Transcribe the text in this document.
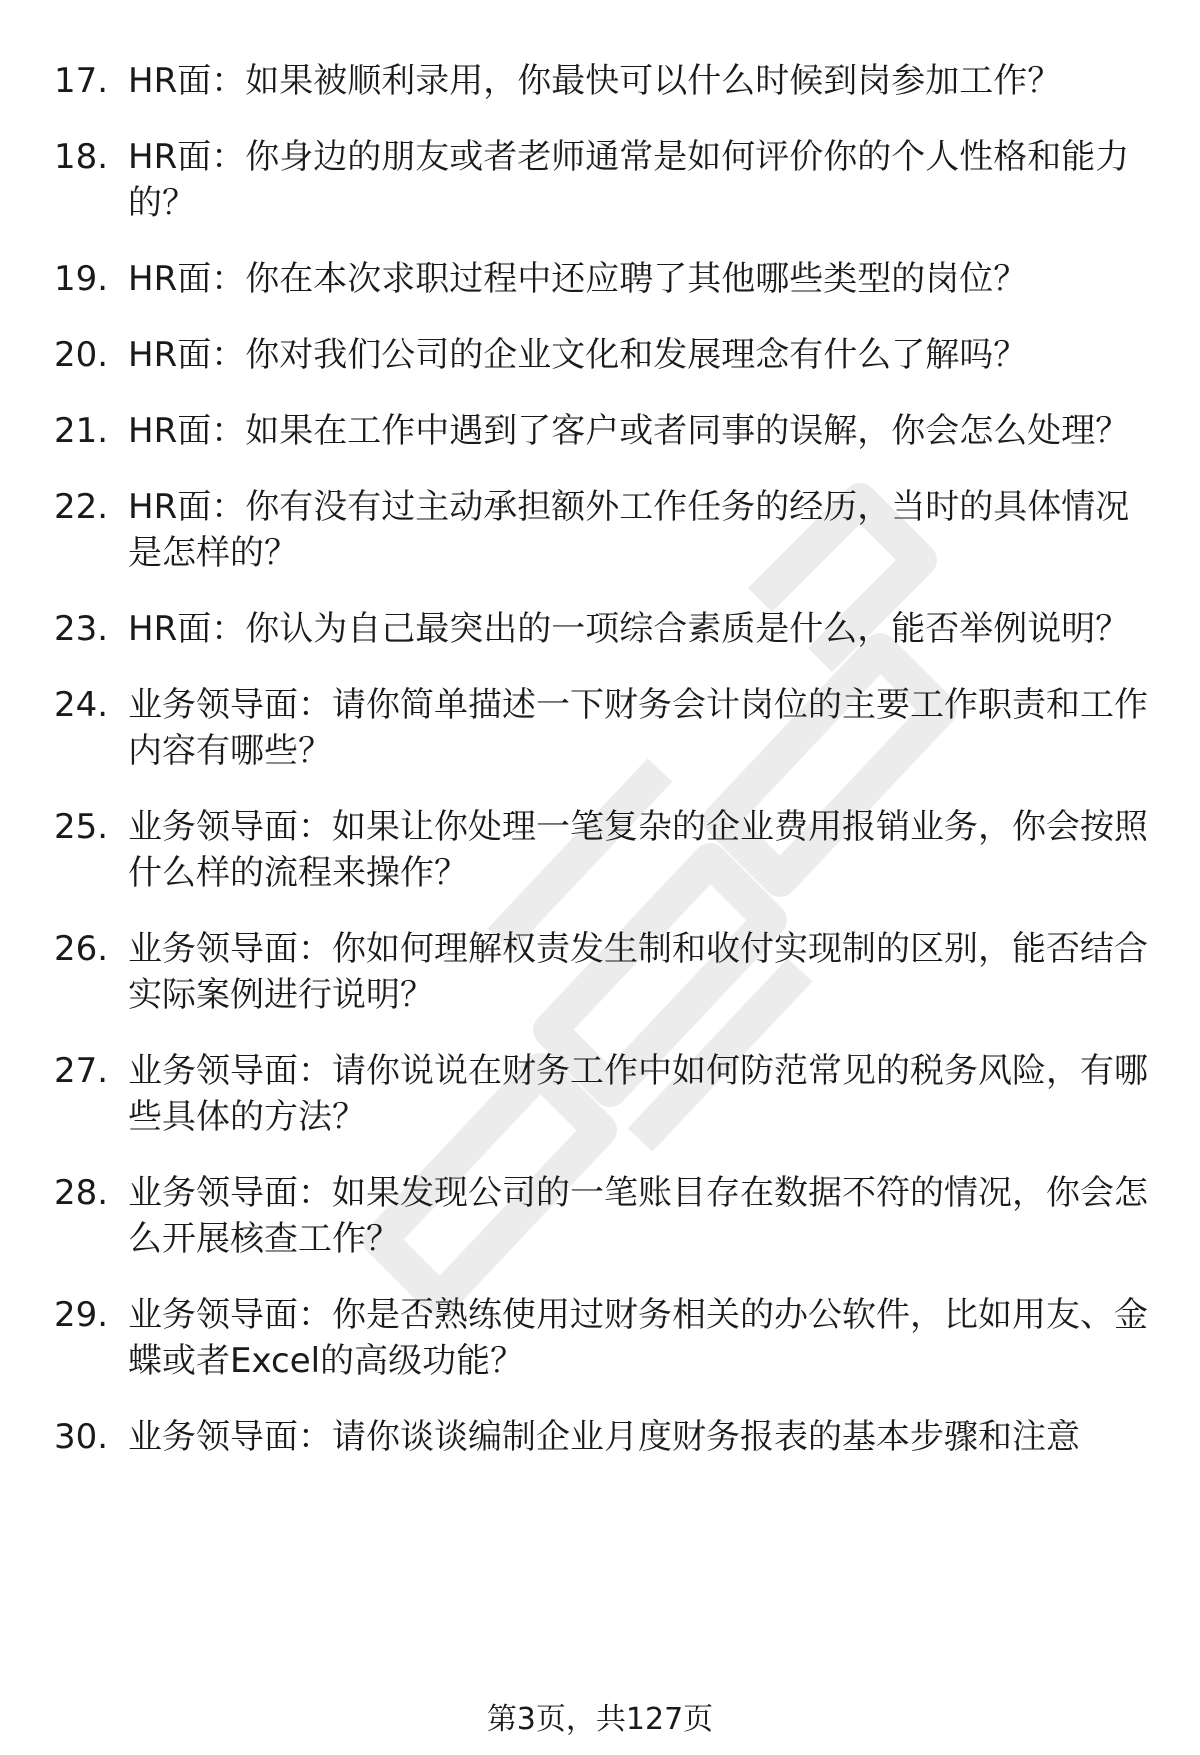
17. HR面：如果被顺利录用，你最快可以什么时候到岗参加工作？
18. HR面：你身边的朋友或者老师通常是如何评价你的个人性格和能力的？
19. HR面：你在本次求职过程中还应聘了其他哪些类型的岗位？
20. HR面：你对我们公司的企业文化和发展理念有什么了解吗？
21. HR面：如果在工作中遇到了客户或者同事的误解，你会怎么处理？
22. HR面：你有没有过主动承担额外工作任务的经历，当时的具体情况是怎样的？
23. HR面：你认为自己最突出的一项综合素质是什么，能否举例说明？
24. 业务领导面：请你简单描述一下财务会计岗位的主要工作职责和工作内容有哪些？
25. 业务领导面：如果让你处理一笔复杂的企业费用报销业务，你会按照什么样的流程来操作？
26. 业务领导面：你如何理解权责发生制和收付实现制的区别，能否结合实际案例进行说明？
27. 业务领导面：请你说说在财务工作中如何防范常见的税务风险，有哪些具体的方法？
28. 业务领导面：如果发现公司的一笔账目存在数据不符的情况，你会怎么开展核查工作？
29. 业务领导面：你是否熟练使用过财务相关的办公软件，比如用友、金蝶或者Excel的高级功能？
30. 业务领导面：请你谈谈编制企业月度财务报表的基本步骤和注意
第3页，共127页
